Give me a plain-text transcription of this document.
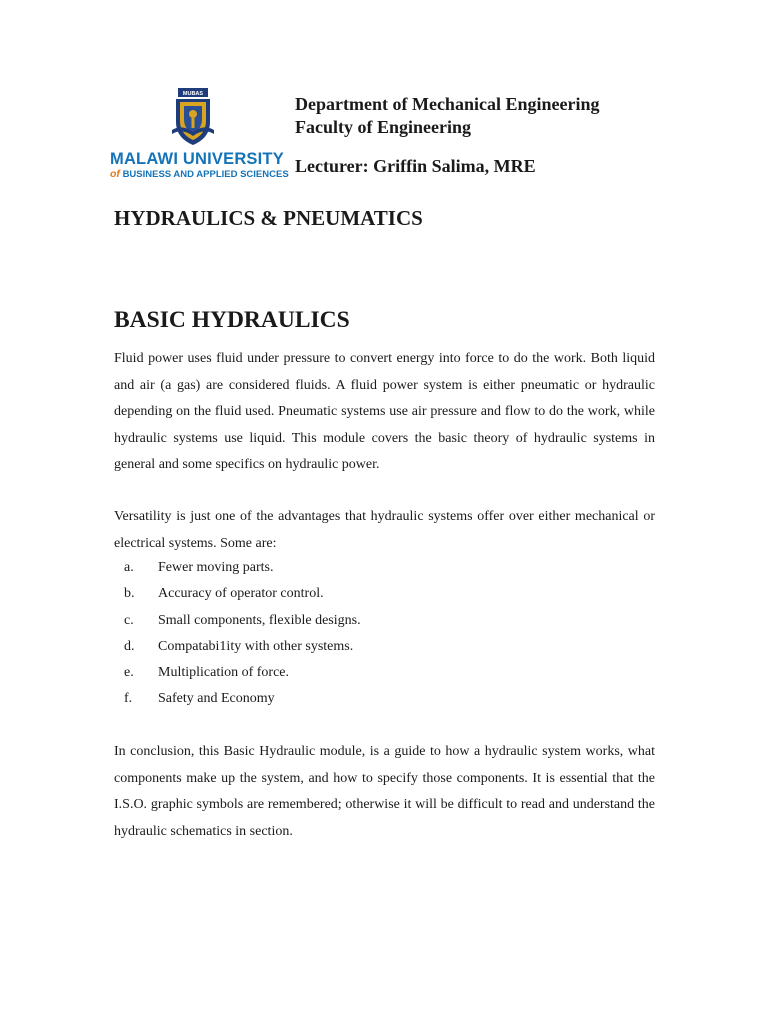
MUBAS
MALAWI UNIVERSITY
of BUSINESS AND APPLIED SCIENCES
Department of Mechanical Engineering
Faculty of Engineering
Lecturer: Griffin Salima, MRE
HYDRAULICS & PNEUMATICS
BASIC HYDRAULICS

Fluid power uses fluid under pressure to convert energy into force to do the work. Both liquid and air (a gas) are considered fluids. A fluid power system is either pneumatic or hydraulic depending on the fluid used. Pneumatic systems use air pressure and flow to do the work, while hydraulic systems use liquid. This module covers the basic theory of hydraulic systems in general and some specifics on hydraulic power.

Versatility is just one of the advantages that hydraulic systems offer over either mechanical or electrical systems. Some are:

a. Fewer moving parts.
b. Accuracy of operator control.
c. Small components, flexible designs.
d. Compatabi1ity with other systems.
e. Multiplication of force.
f. Safety and Economy

In conclusion, this Basic Hydraulic module, is a guide to how a hydraulic system works, what components make up the system, and how to specify those components. It is essential that the I.S.O. graphic symbols are remembered; otherwise it will be difficult to read and understand the hydraulic schematics in section.
